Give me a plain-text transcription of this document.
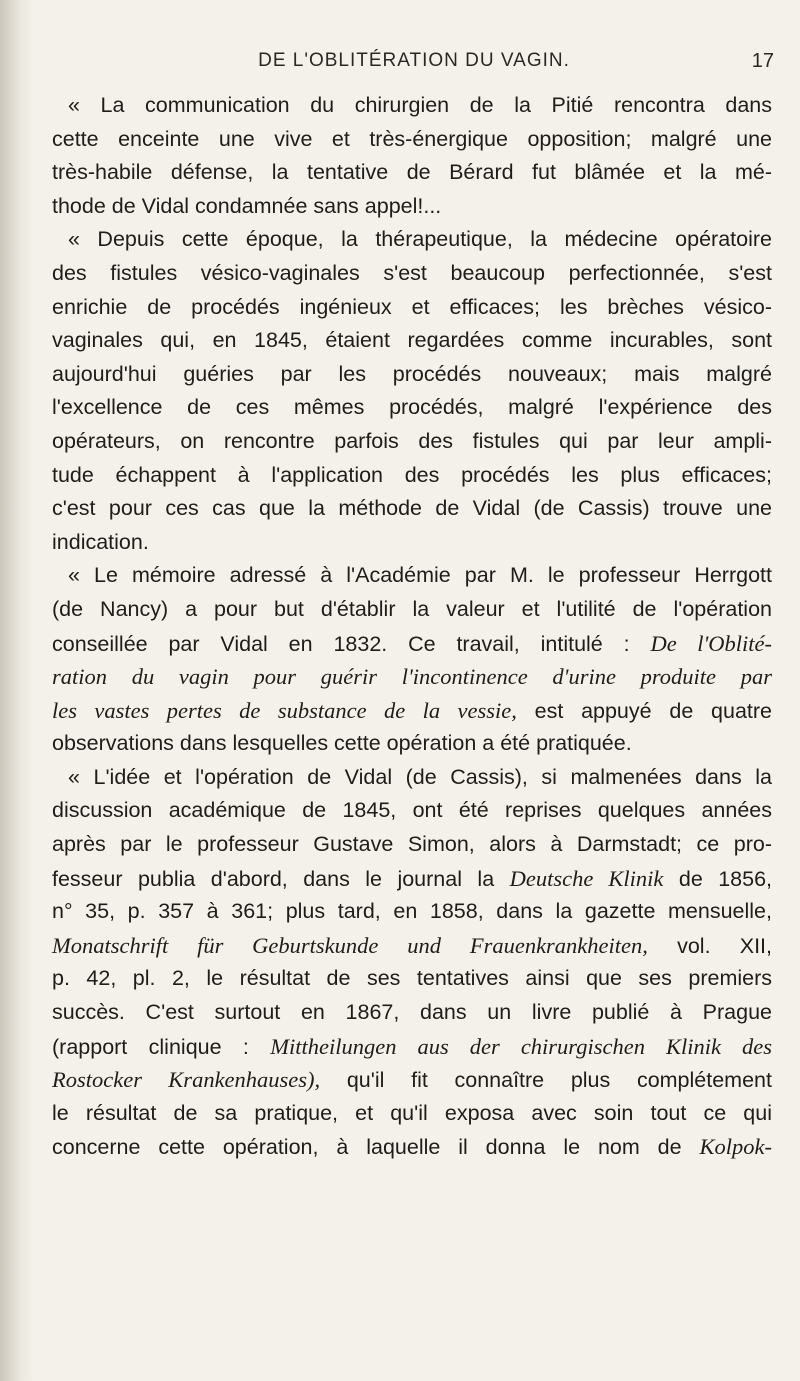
DE L'OBLITÉRATION DU VAGIN.	17
« La communication du chirurgien de la Pitié rencontra dans
cette enceinte une vive et très-énergique opposition; malgré une
très-habile défense, la tentative de Bérard fut blâmée et la mé-
thode de Vidal condamnée sans appel!...
« Depuis cette époque, la thérapeutique, la médecine opératoire
des fistules vésico-vaginales s'est beaucoup perfectionnée, s'est
enrichie de procédés ingénieux et efficaces; les brèches vésico-
vaginales qui, en 1845, étaient regardées comme incurables, sont
aujourd'hui guéries par les procédés nouveaux; mais malgré
l'excellence de ces mêmes procédés, malgré l'expérience des
opérateurs, on rencontre parfois des fistules qui par leur ampli-
tude échappent à l'application des procédés les plus efficaces;
c'est pour ces cas que la méthode de Vidal (de Cassis) trouve une
indication.
« Le mémoire adressé à l'Académie par M. le professeur Herrgott
(de Nancy) a pour but d'établir la valeur et l'utilité de l'opération
conseillée par Vidal en 1832. Ce travail, intitulé : De l'Oblité-
ration du vagin pour guérir l'incontinence d'urine produite par
les vastes pertes de substance de la vessie, est appuyé de quatre
observations dans lesquelles cette opération a été pratiquée.
« L'idée et l'opération de Vidal (de Cassis), si malmenées dans la
discussion académique de 1845, ont été reprises quelques années
après par le professeur Gustave Simon, alors à Darmstadt; ce pro-
fesseur publia d'abord, dans le journal la Deutsche Klinik de 1856,
n° 35, p. 357 à 361; plus tard, en 1858, dans la gazette mensuelle,
Monatschrift für Geburtskunde und Frauenkrankheiten, vol. XII,
p. 42, pl. 2, le résultat de ses tentatives ainsi que ses premiers
succès. C'est surtout en 1867, dans un livre publié à Prague
(rapport clinique : Mittheilungen aus der chirurgischen Klinik des
Rostocker Krankenhauses), qu'il fit connaître plus complétement
le résultat de sa pratique, et qu'il exposa avec soin tout ce qui
concerne cette opération, à laquelle il donna le nom de Kolpok-
